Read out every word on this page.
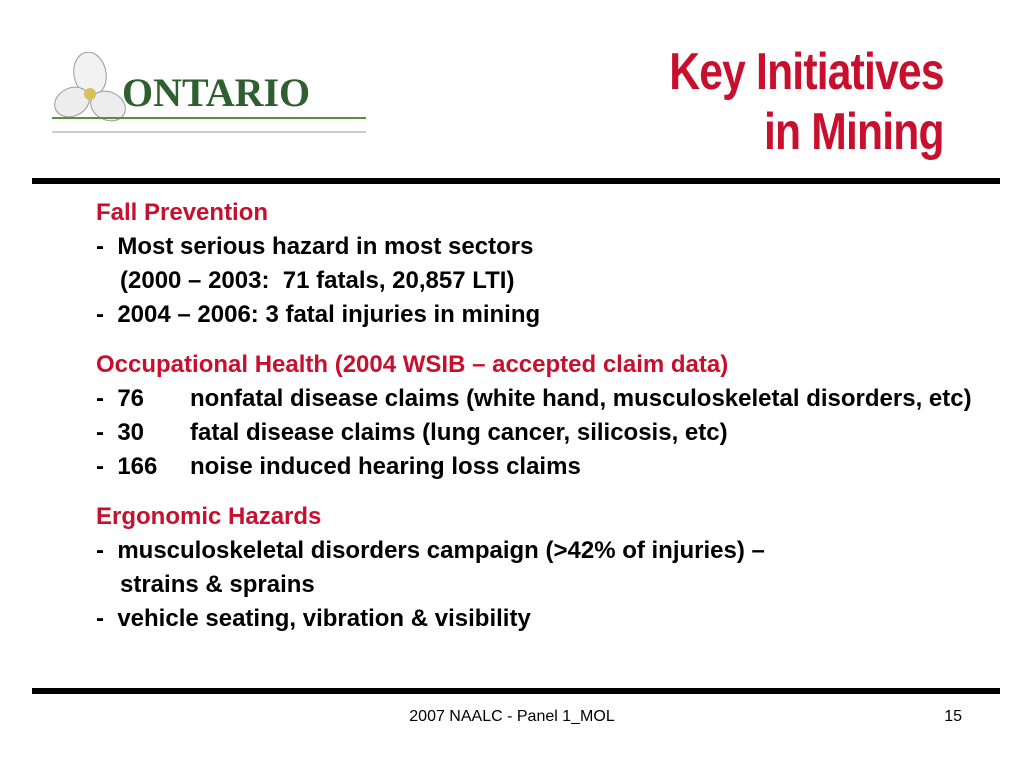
ONTARIO	Key Initiatives
in Mining
Fall Prevention
-  Most serious hazard in most sectors
(2000 – 2003:  71 fatals, 20,857 LTI)
-  2004 – 2006: 3 fatal injuries in mining
Occupational Health (2004 WSIB – accepted claim data)
-  76	nonfatal disease claims (white hand, musculoskeletal disorders, etc)
-  30	fatal disease claims (lung cancer, silicosis, etc)
-  166	noise induced hearing loss claims
Ergonomic Hazards
-  musculoskeletal disorders campaign (>42% of injuries) –
strains & sprains
-  vehicle seating, vibration & visibility
2007 NAALC - Panel 1_MOL	15
